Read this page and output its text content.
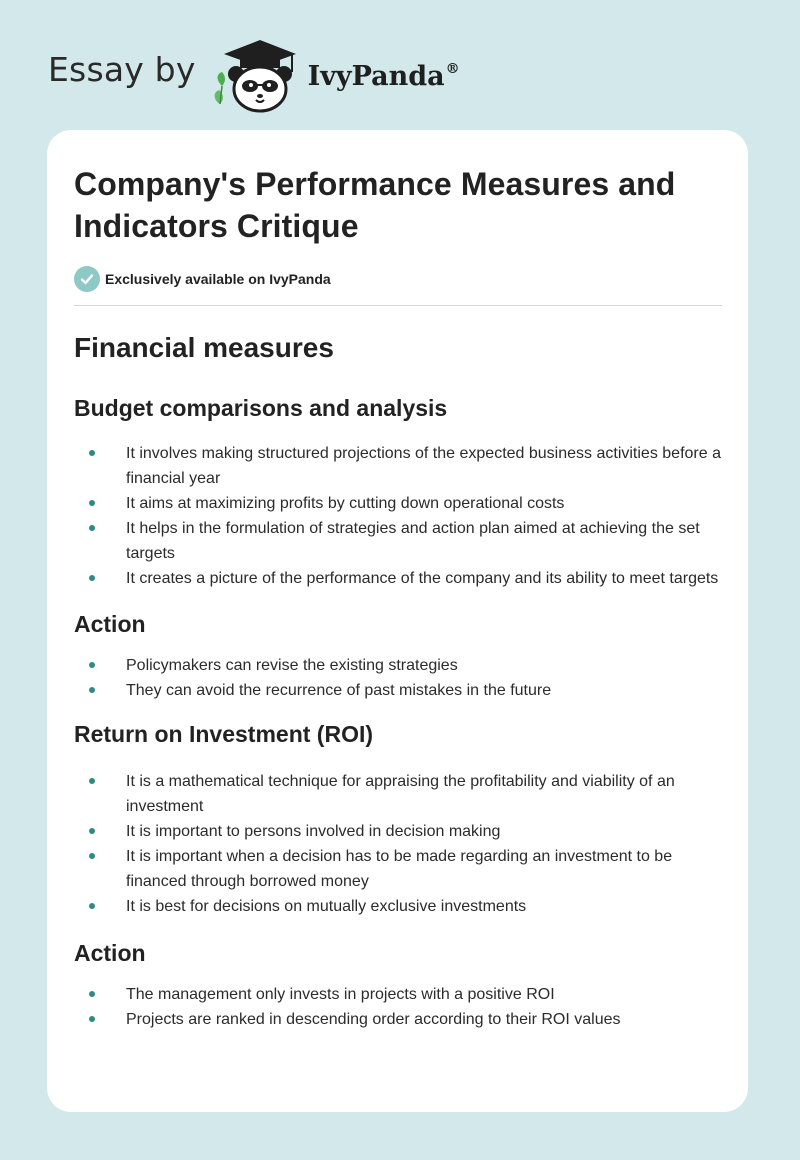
Essay by	IvyPanda®
Company's Performance Measures and Indicators Critique
Exclusively available on IvyPanda
Financial measures
Budget comparisons and analysis
It involves making structured projections of the expected business activities before a financial year
It aims at maximizing profits by cutting down operational costs
It helps in the formulation of strategies and action plan aimed at achieving the set targets
It creates a picture of the performance of the company and its ability to meet targets
Action
Policymakers can revise the existing strategies
They can avoid the recurrence of past mistakes in the future
Return on Investment (ROI)
It is a mathematical technique for appraising the profitability and viability of an investment
It is important to persons involved in decision making
It is important when a decision has to be made regarding an investment to be financed through borrowed money
It is best for decisions on mutually exclusive investments
Action
The management only invests in projects with a positive ROI
Projects are ranked in descending order according to their ROI values
